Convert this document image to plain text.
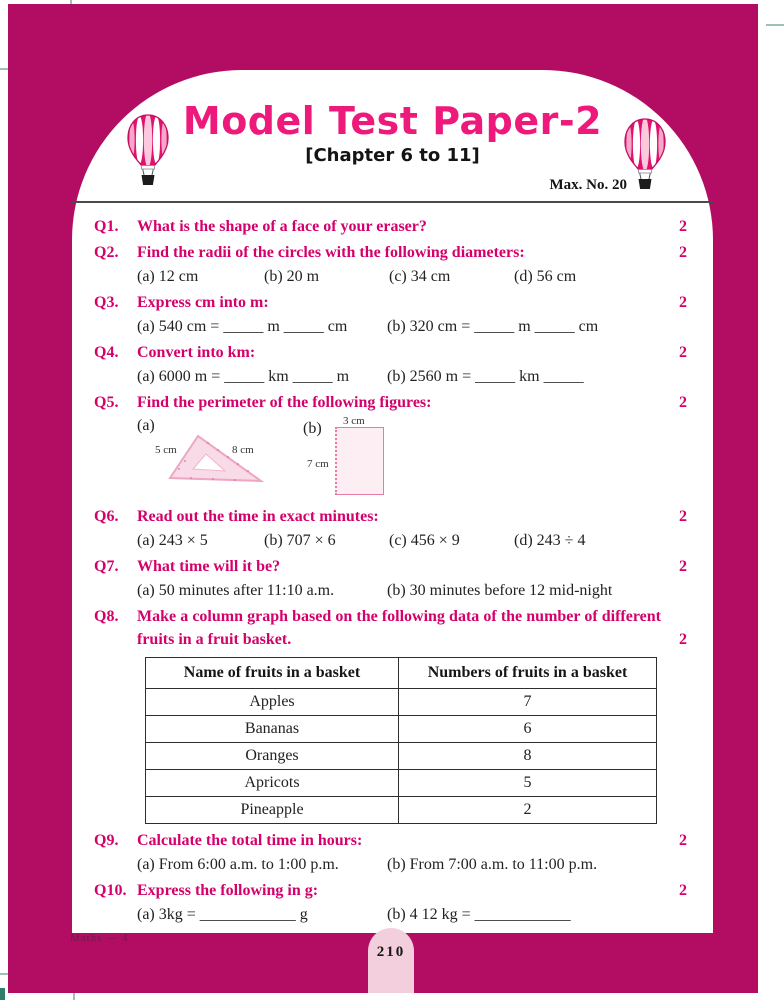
Model Test Paper-2
[Chapter 6 to 11]
Max. No. 20
Q1.	What is the shape of a face of your eraser?	2
Q2.	Find the radii of the circles with the following diameters:	2
(a) 12 cm	(b) 20 m	(c) 34 cm	(d) 56 cm
Q3.	Express cm into m:	2
(a) 540 cm = _____ m _____ cm	(b) 320 cm = _____ m _____ cm
Q4.	Convert into km:	2
(a) 6000 m = _____ km _____ m	(b) 2560 m = _____ km _____
Q5.	Find the perimeter of the following figures:	2
(a)
5 cm	8 cm
(b) 3 cm
7 cm
Q6.	Read out the time in exact minutes:	2
(a) 243 × 5	(b) 707 × 6	(c) 456 × 9	(d) 243 ÷ 4
Q7.	What time will it be?	2
(a) 50 minutes after 11:10 a.m.	(b) 30 minutes before 12 mid-night
Q8.	Make a column graph based on the following data of the number of different fruits in a fruit basket.	2
Name of fruits in a basket	Numbers of fruits in a basket
Apples	7
Bananas	6
Oranges	8
Apricots	5
Pineapple	2
Q9.	Calculate the total time in hours:	2
(a) From 6:00 a.m. to 1:00 p.m.	(b) From 7:00 a.m. to 11:00 p.m.
Q10. Express the following in g:	2
(a) 3kg = ____________ g	(b) 4 12 kg = ____________
Maths — 4
210
